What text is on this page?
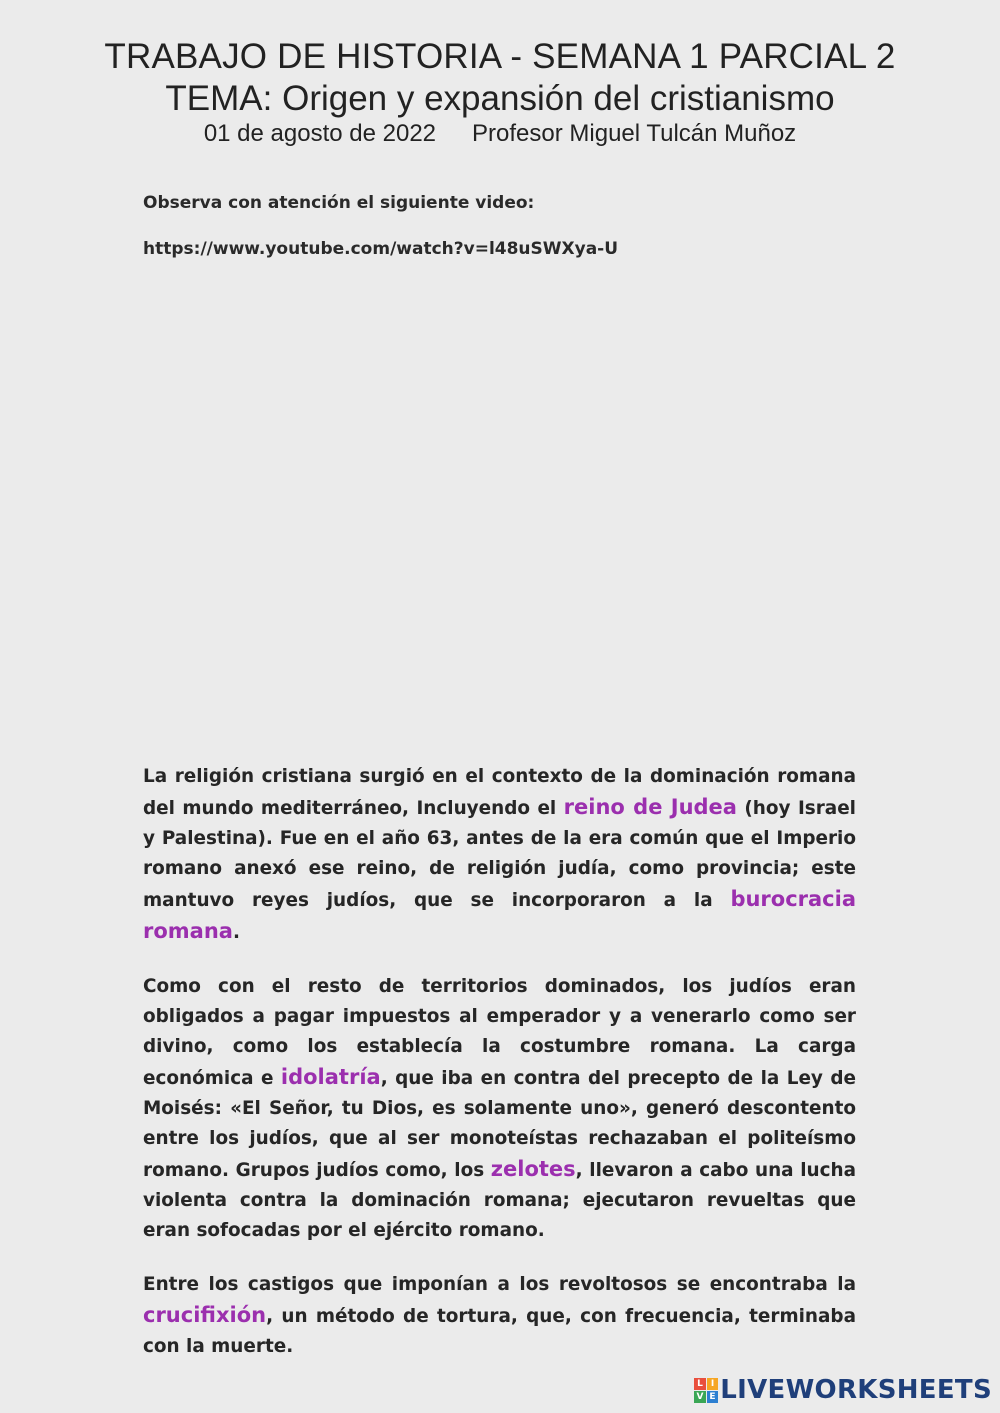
TRABAJO DE HISTORIA - SEMANA 1 PARCIAL 2
TEMA: Origen y expansión del cristianismo
01 de agosto de 2022 Profesor Miguel Tulcán Muñoz
Observa con atención el siguiente video:
https://www.youtube.com/watch?v=l48uSWXya-U

La religión cristiana surgió en el contexto de la dominación romana del mundo mediterráneo, Incluyendo el reino de Judea (hoy Israel y Palestina). Fue en el año 63, antes de la era común que el Imperio romano anexó ese reino, de religión judía, como provincia; este mantuvo reyes judíos, que se incorporaron a la burocracia romana.

Como con el resto de territorios dominados, los judíos eran obligados a pagar impuestos al emperador y a venerarlo como ser divino, como los establecía la costumbre romana. La carga económica e idolatría, que iba en contra del precepto de la Ley de Moisés: «El Señor, tu Dios, es solamente uno», generó descontento entre los judíos, que al ser monoteístas rechazaban el politeísmo romano. Grupos judíos como, los zelotes, llevaron a cabo una lucha violenta contra la dominación romana; ejecutaron revueltas que eran sofocadas por el ejército romano.

Entre los castigos que imponían a los revoltosos se encontraba la crucifixión, un método de tortura, que, con frecuencia, terminaba con la muerte.

L I
V E LIVEWORKSHEETS
